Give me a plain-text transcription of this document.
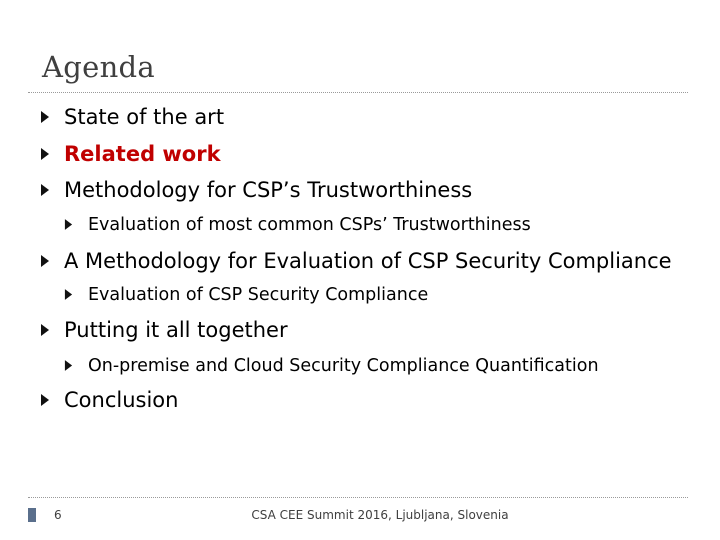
Agenda
State of the art
Related work
Methodology for CSP’s Trustworthiness
Evaluation of most common CSPs’ Trustworthiness
A Methodology for Evaluation of CSP Security Compliance
Evaluation of CSP Security Compliance
Putting it all together
On-premise and Cloud Security Compliance Quantification
Conclusion
6	CSA CEE Summit 2016, Ljubljana, Slovenia
